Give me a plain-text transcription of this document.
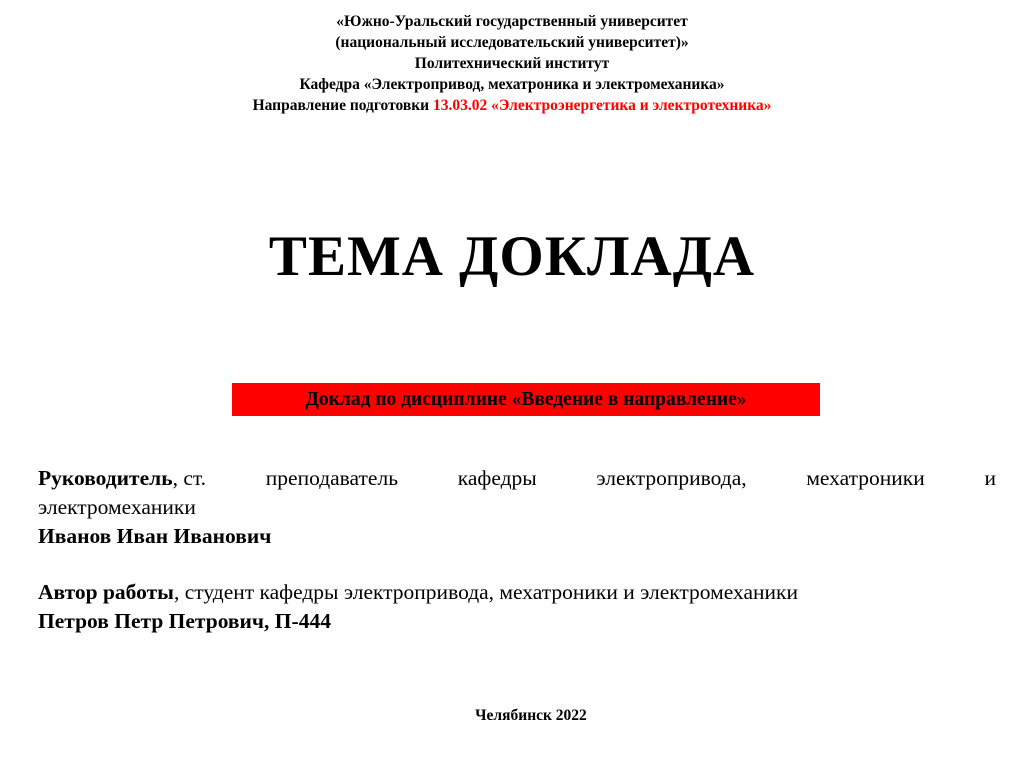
«Южно-Уральский государственный университет
(национальный исследовательский университет)»
Политехнический институт
Кафедра «Электропривод, мехатроника и электромеханика»
Направление подготовки 13.03.02 «Электроэнергетика и электротехника»
ТЕМА ДОКЛАДА
Доклад по дисциплине «Введение в направление»
Руководитель, ст.	преподаватель	кафедры	электропривода,	мехатроники	и
электромеханики
Иванов Иван Иванович
Автор работы, студент кафедры электропривода, мехатроники и электромеханики
Петров Петр Петрович, П-444
Челябинск 2022
